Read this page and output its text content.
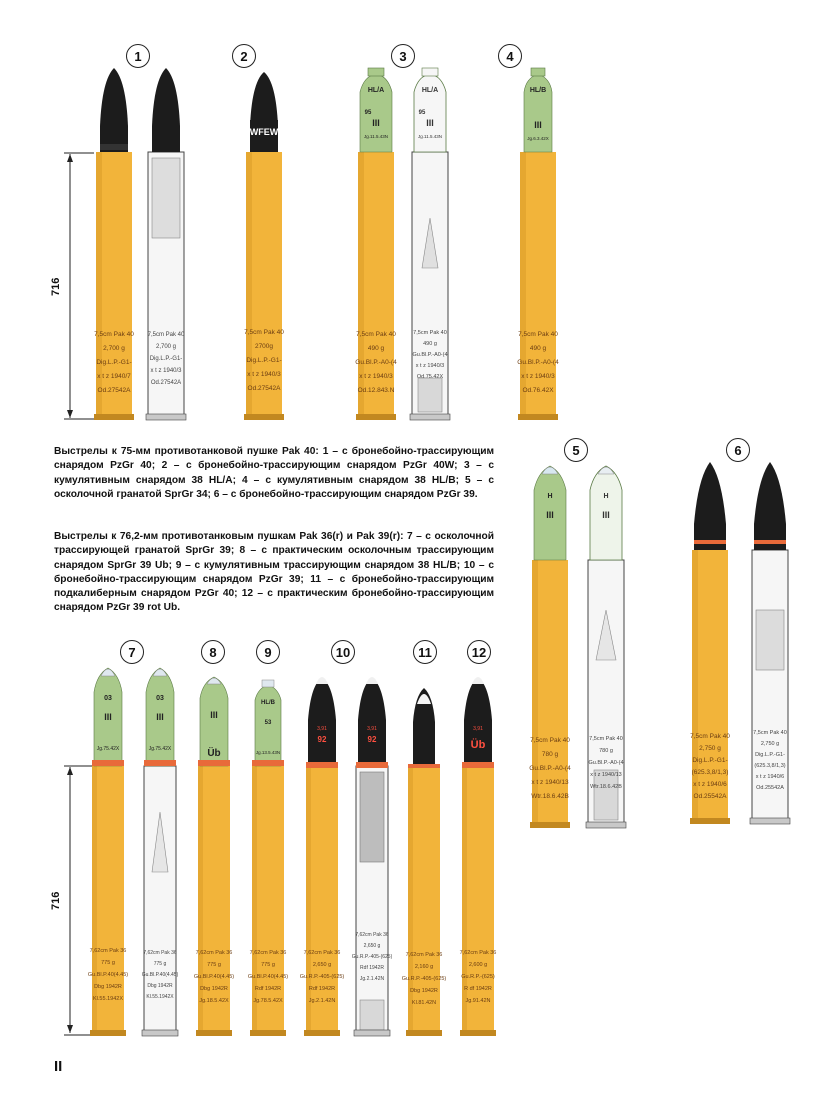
1	2	3	4
5	6
7	8	9	10	11	12
716
716
7,5cm Pak 40
2,700 g
Dig.L.P.-G1-
x t z 1940/7
Od.27542A
7,5cm Pak 40
2,700 g
Dig.L.P.-G1-
x t z 1940/3
Od.27542A
WFEW
7,5cm Pak 40
2700g
Dig.L.P.-G1-
x t z 1940/3
Od.27542A
HL/A
95
III
Jg.11.5.43N
7,5cm Pak 40
490 g
Gu.Bl.P.-A0-(4
x t z 1940/3
Od.12.843.N
HL/A
95
III
Jg.11.5.43N
7,5cm Pak 40
490 g
Gu.Bl.P.-A0-(4
x t z 1940/3
Od.75.42X
HL/B
III
Jg.6.3.42X
7,5cm Pak 40
490 g
Gu.Bl.P.-A0-(4
x t z 1940/3
Od.76.42X

Выстрелы к 75-мм противотанковой пушке Pak 40: 1 – с бронебойно-трассирующим снарядом PzGr 40; 2 – с бронебойно-трассирующим снарядом PzGr 40W; 3 – с кумулятивным снарядом 38 HL/A; 4 – с кумулятивным снарядом 38 HL/B; 5 – с осколочной гранатой SprGr 34; 6 – с бронебойно-трассирующим снарядом PzGr 39.

Выстрелы к 76,2-мм противотанковым пушкам Pak 36(r) и Pak 39(r): 7 – с осколочной трассирующей гранатой SprGr 39; 8 – с практическим осколочным трассирующим снарядом SprGr 39 Ub; 9 – с кумулятивным трассирующим снарядом 38 HL/B; 10 – с бронебойно-трассирующим снарядом PzGr 39; 11 – с бронебойно-трассирующим подкалиберным снарядом PzGr 40; 12 – с практическим бронебойно-трассирующим снарядом PzGr 39 rot Ub.

H
III
7,5cm Pak 40
780 g
Gu.Bl.P.-A0-(4
x t z 1940/13
Wtr.18.6.42B
H
III
7,5cm Pak 40
780 g
Gu.Bl.P.-A0-(4
x t z 1940/13
Wtr.18.6.42B
7,5cm Pak 40
2,750 g
Dig.L.P.-G1-
(625.3,8/1,3)
x t z 1940/6
Od.25542A
7,5cm Pak 40
2,750 g
Dig.L.P.-G1-
(625.3,8/1,3)
x t z 1940/6
Od.25542A
03
III
Jg.75.42X
7,62cm Pak 36
775 g
Gu.Bl.P.40(4.45)
Dbg 1942R
Kl.55.1942X
03
III
Jg.75.42X
7,62cm Pak 36
775 g
Gu.Bl.P.40(4.45)
Dbg 1942R
Kl.55.1942X
III
Üb
7,62cm Pak 36
775 g
Gu.Bl.P.40(4.45)
Dbg 1942R
Jg.18.5.42X
HL/B
53
Jg.13.5.43N
7,62cm Pak 36
775 g
Gu.Bl.P.40(4.45)
Rdf 1942R
Jg.78.5.42X
3,91
92
7,62cm Pak 36
2,650 g
Gu.R.P.-405-(625)
Rdf 1942R
Jg.2.1.42N
3,91
92
7,62cm Pak 36
2,650 g
Gu.R.P.-405-(625)
Rdf 1942R
Jg.2.1.42N
7,62cm Pak 36
2,160 g
Gu.R.P.-405-(625)
Dbg 1942R
Kl.81.42N
3,91
Üb
7,62cm Pak 36
2,600 g
Gu.R.P.-(625)
R df 1942R
Jg.91.42N
II
